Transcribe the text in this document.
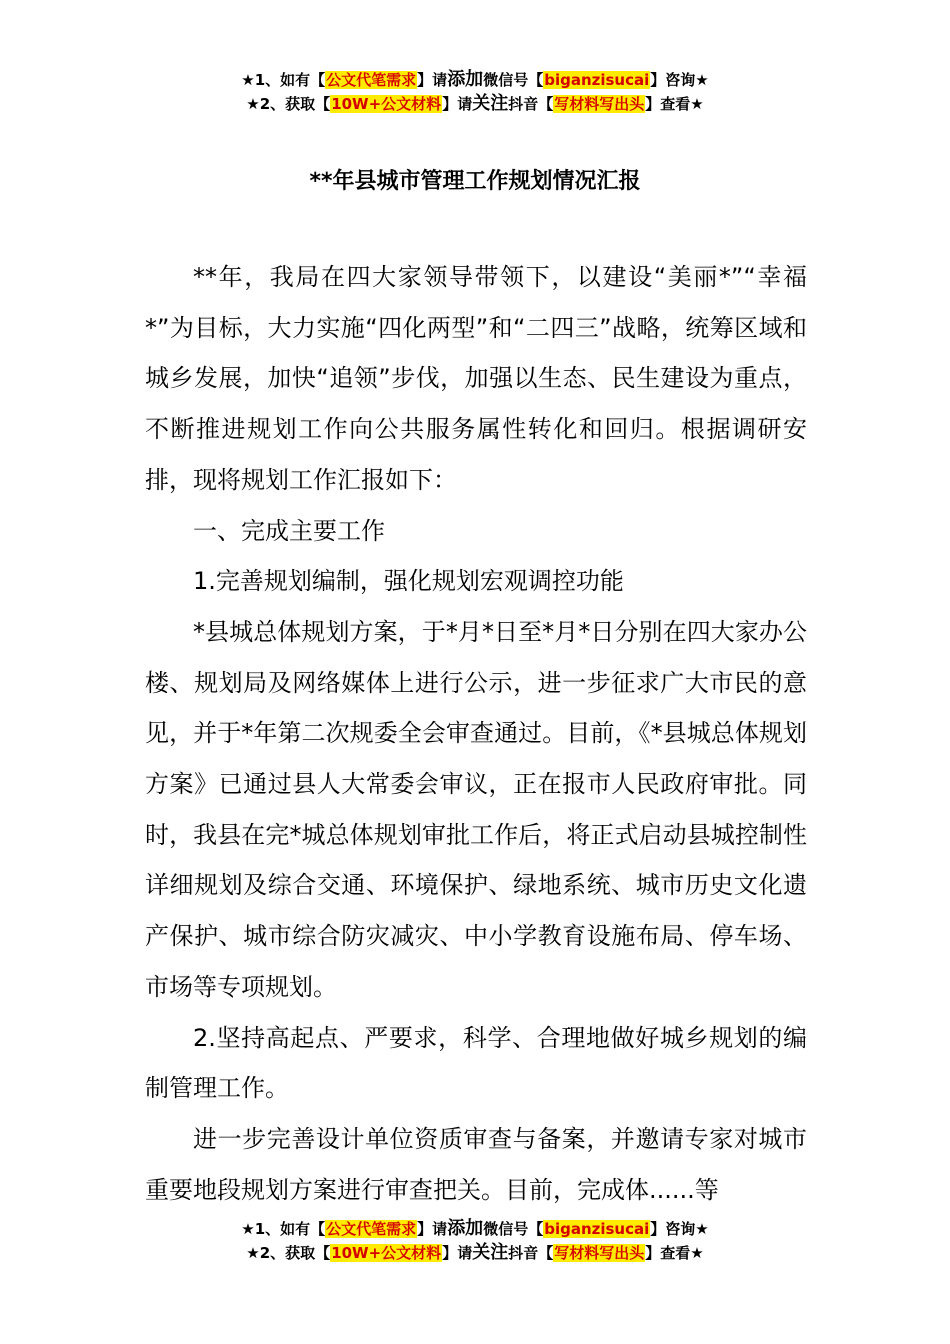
★1、如有【公文代笔需求】请添加微信号【biganzisucai】咨询★
★2、获取【10W+公文材料】请关注抖音【写材料写出头】查看★
**年县城市管理工作规划情况汇报

**年，我局在四大家领导带领下，以建设“美丽*”“幸福*”为目标，大力实施“四化两型”和“二四三”战略，统筹区域和城乡发展，加快“追领”步伐，加强以生态、民生建设为重点，不断推进规划工作向公共服务属性转化和回归。根据调研安排，现将规划工作汇报如下：

一、完成主要工作

1.完善规划编制，强化规划宏观调控功能

*县城总体规划方案，于*月*日至*月*日分别在四大家办公楼、规划局及网络媒体上进行公示，进一步征求广大市民的意见，并于*年第二次规委全会审查通过。目前，《*县城总体规划方案》已通过县人大常委会审议，正在报市人民政府审批。同时，我县在完*城总体规划审批工作后，将正式启动县城控制性详细规划及综合交通、环境保护、绿地系统、城市历史文化遗产保护、城市综合防灾减灾、中小学教育设施布局、停车场、市场等专项规划。

2.坚持高起点、严要求，科学、合理地做好城乡规划的编制管理工作。

进一步完善设计单位资质审查与备案，并邀请专家对城市重要地段规划方案进行审查把关。目前，完成体......等

★1、如有【公文代笔需求】请添加微信号【biganzisucai】咨询★
★2、获取【10W+公文材料】请关注抖音【写材料写出头】查看★
